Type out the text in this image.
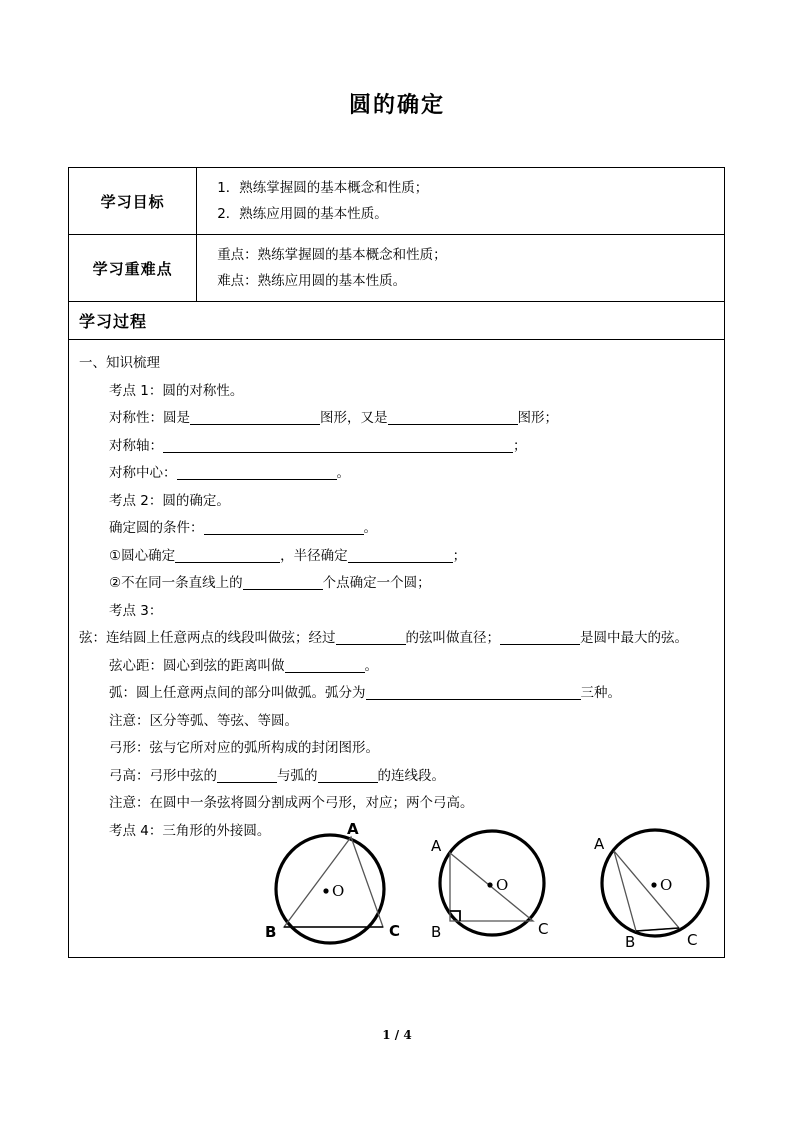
圆的确定
学习目标	1．熟练掌握圆的基本概念和性质；
2．熟练应用圆的基本性质。

学习重难点	重点：熟练掌握圆的基本概念和性质；
难点：熟练应用圆的基本性质。

学习过程	

一、知识梳理

考点 1：圆的对称性。

对称性：圆是	图形，又是	图形；

对称轴：	；

对称中心：	。

考点 2：圆的确定。

确定圆的条件：	。

①圆心确定	，半径确定	；

②不在同一条直线上的	个点确定一个圆；

考点 3：

弦：连结圆上任意两点的线段叫做弦；经过	的弦叫做直径；	是圆中最大的弦。

弦心距：圆心到弦的距离叫做	。

弧：圆上任意两点间的部分叫做弧。弧分为	三种。

注意：区分等弧、等弦、等圆。

弓形：弦与它所对应的弧所构成的封闭图形。

弓高：弓形中弦的	与弧的	的连线段。

注意：在圆中一条弦将圆分割成两个弓形，对应；两个弓高。

考点 4：三角形的外接圆。

O
A
B	C
O
A
B	C
O
A
B	C
1 / 4
